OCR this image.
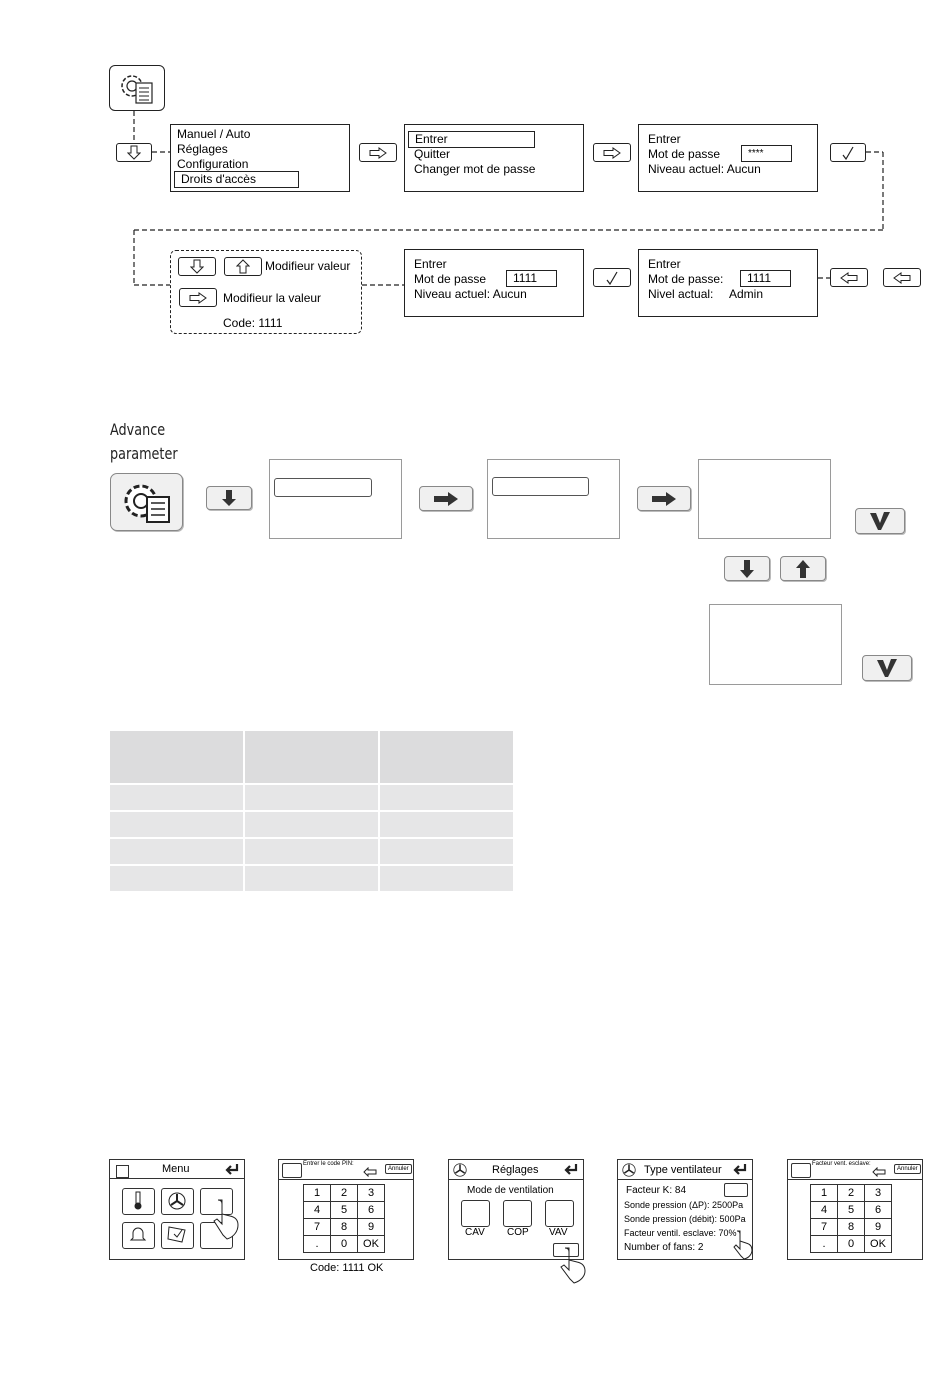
Manuel / Auto
Réglages
Configuration
Droits d'accès
Entrer
Quitter
Changer mot de passe
Entrer
Mot de passe	****
Niveau actuel: Aucun
Modifieur valeur
Modifieur la valeur
Code: 1111
Entrer
Mot de passe	1111
Niveau actuel: Aucun
Entrer
Mot de passe:	1111
Nivel actual: Admin
Advance
parameter

Menu	Entrer le code PIN:
Annuler
1	2	3
4	5	6
7	8	9
.	0	OK
Code: 1111 OK
Réglages
Mode de ventilation
CAV COP VAV
Type ventilateur
Facteur K: 84
Sonde pression (ΔP): 2500Pa
Sonde pression (débit): 500Pa
Facteur ventil. esclave: 70%
Number of fans: 2
Facteur vent. esclave:
Annuler
1	2	3
4	5	6
7	8	9
.	0	OK
